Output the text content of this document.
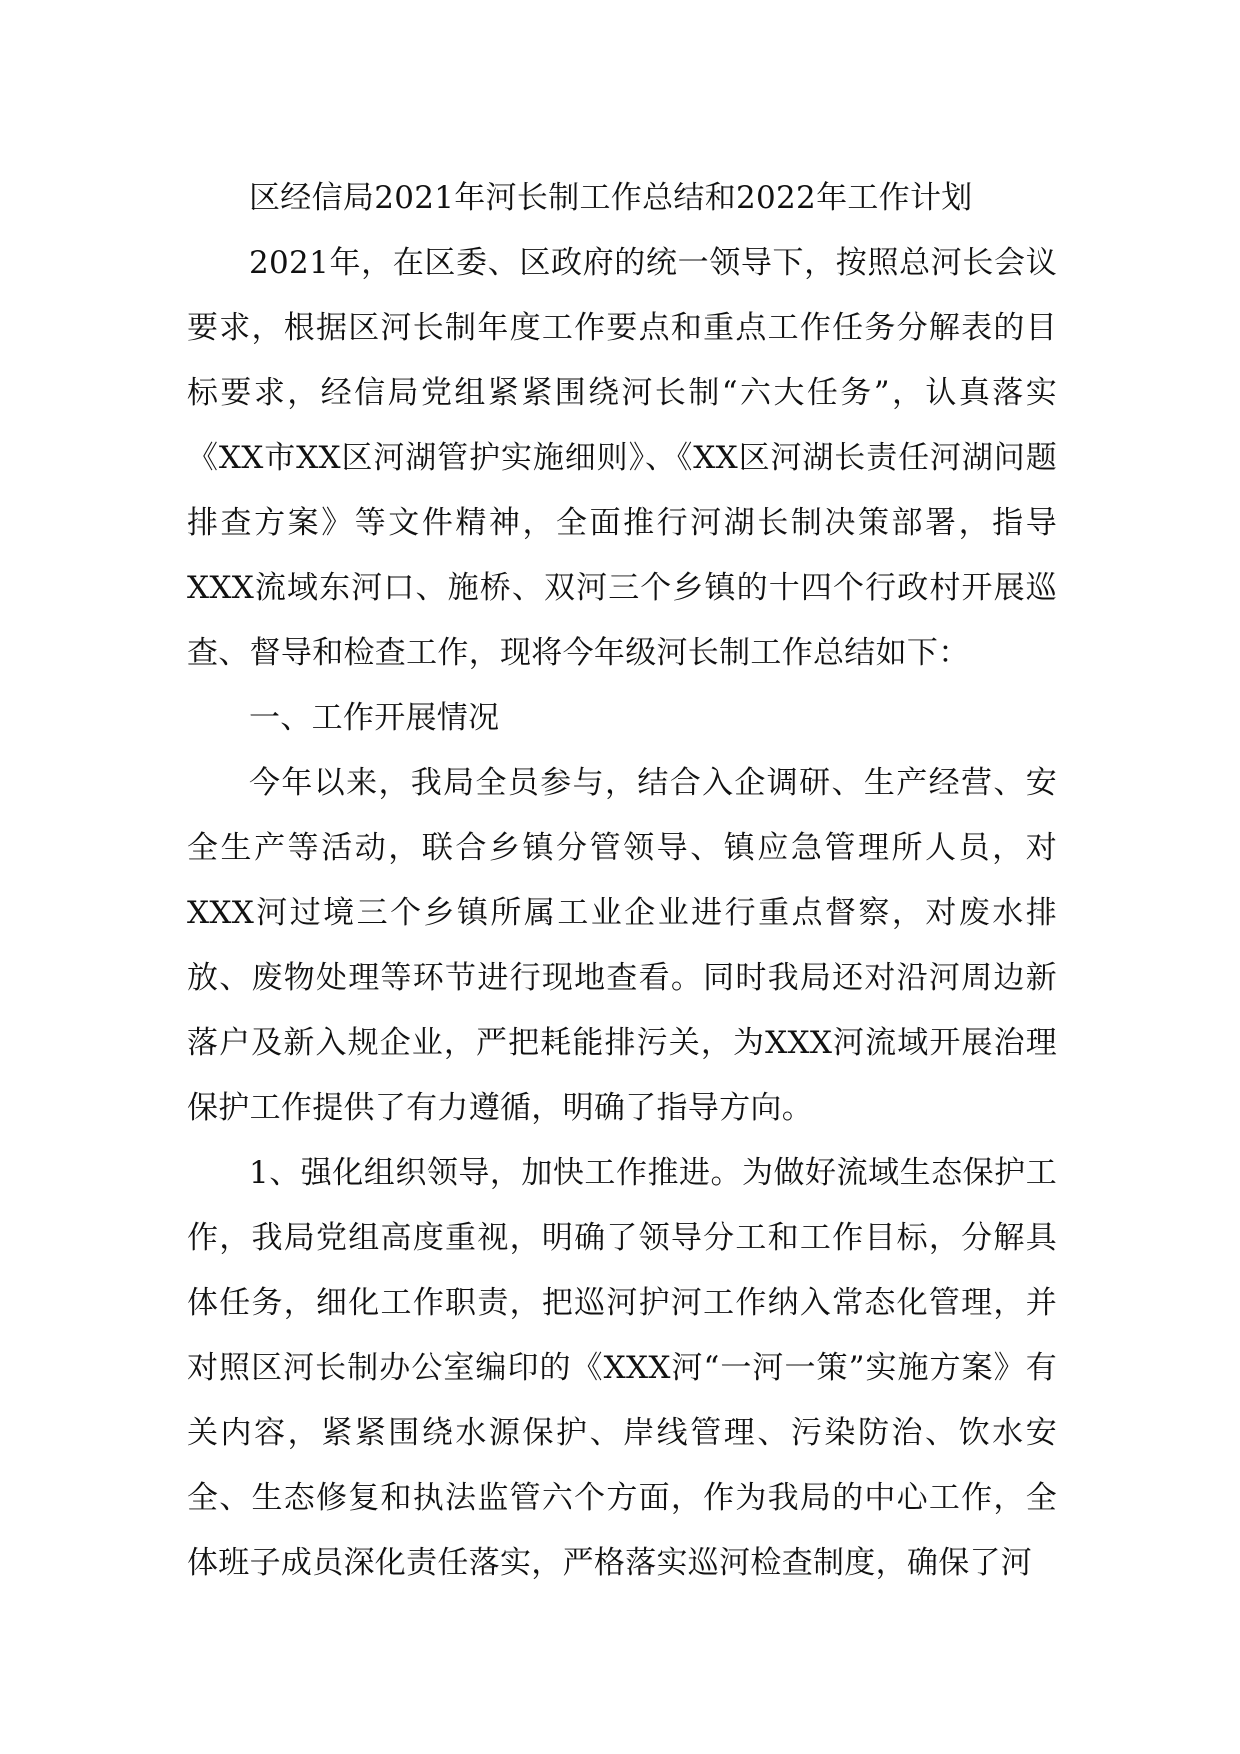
区经信局2021年河长制工作总结和2022年工作计划

2021年，在区委、区政府的统一领导下，按照总河长会议要求，根据区河长制年度工作要点和重点工作任务分解表的目标要求，经信局党组紧紧围绕河长制“六大任务”，认真落实《XX市XX区河湖管护实施细则》、《XX区河湖长责任河湖问题排查方案》等文件精神，全面推行河湖长制决策部署，指导XXX流域东河口、施桥、双河三个乡镇的十四个行政村开展巡查、督导和检查工作，现将今年级河长制工作总结如下：

一、工作开展情况

今年以来，我局全员参与，结合入企调研、生产经营、安全生产等活动，联合乡镇分管领导、镇应急管理所人员，对XXX河过境三个乡镇所属工业企业进行重点督察，对废水排放、废物处理等环节进行现地查看。同时我局还对沿河周边新落户及新入规企业，严把耗能排污关，为XXX河流域开展治理保护工作提供了有力遵循，明确了指导方向。

1、强化组织领导，加快工作推进。为做好流域生态保护工作，我局党组高度重视，明确了领导分工和工作目标，分解具体任务，细化工作职责，把巡河护河工作纳入常态化管理，并对照区河长制办公室编印的《XXX河“一河一策”实施方案》有关内容，紧紧围绕水源保护、岸线管理、污染防治、饮水安全、生态修复和执法监管六个方面，作为我局的中心工作，全体班子成员深化责任落实，严格落实巡河检查制度，确保了河
